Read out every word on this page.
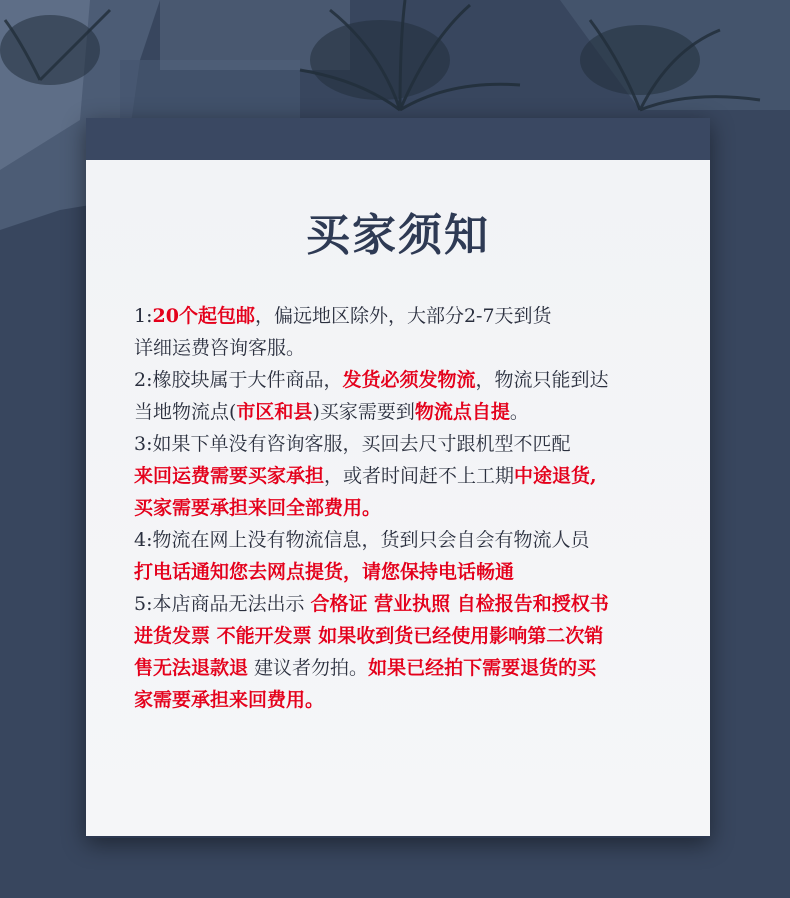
买家须知
1:20个起包邮，偏远地区除外，大部分2-7天到货
详细运费咨询客服。
2:橡胶块属于大件商品，发货必须发物流，物流只能到达
当地物流点(市区和县)买家需要到物流点自提。
3:如果下单没有咨询客服，买回去尺寸跟机型不匹配
来回运费需要买家承担，或者时间赶不上工期中途退货,
买家需要承担来回全部费用。
4:物流在网上没有物流信息，货到只会自会有物流人员
打电话通知您去网点提货，请您保持电话畅通
5:本店商品无法出示 合格证 营业执照 自检报告和授权书
进货发票 不能开发票 如果收到货已经使用影响第二次销
售无法退款退 建议者勿拍。如果已经拍下需要退货的买
家需要承担来回费用。
